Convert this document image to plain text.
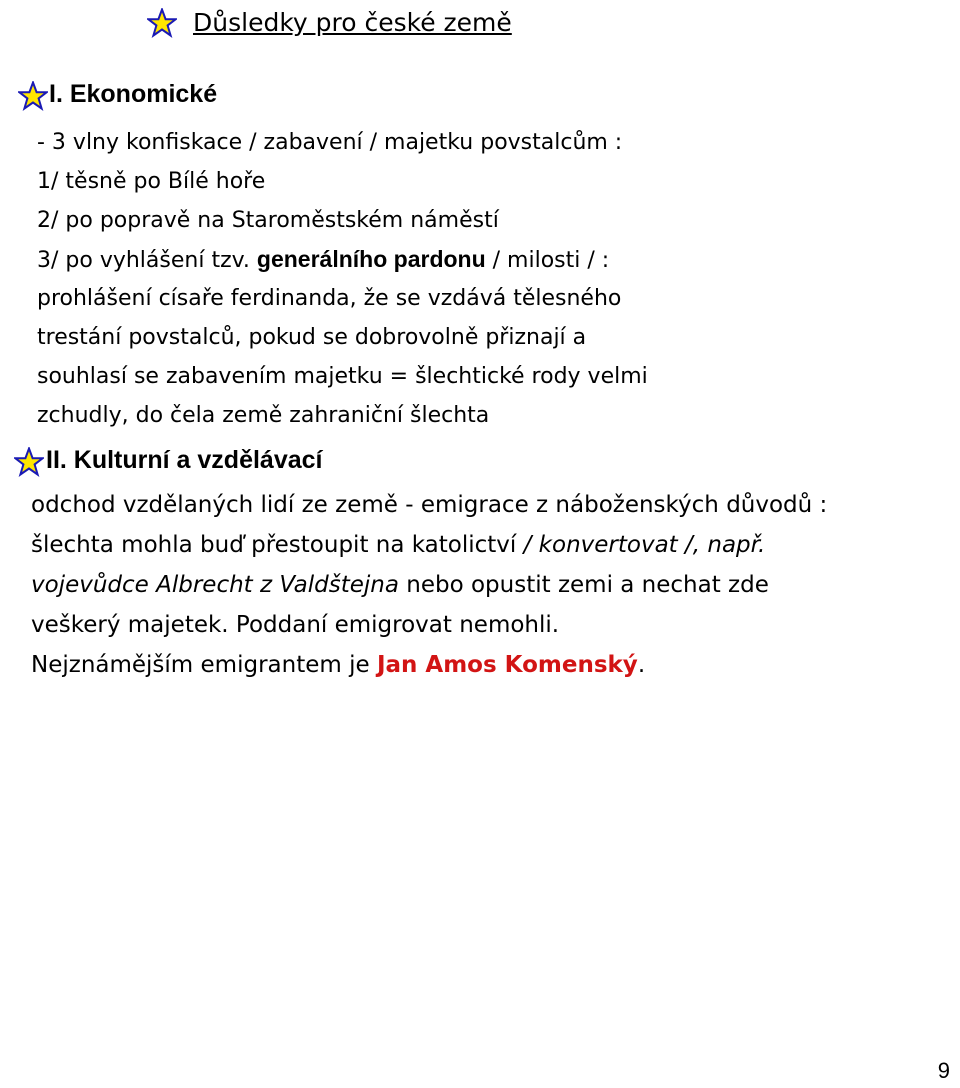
Důsledky pro české země
I. Ekonomické
- 3 vlny konfiskace / zabavení / majetku povstalcům :
1/ těsně po Bílé hoře
2/ po popravě na Staroměstském náměstí
3/ po vyhlášení tzv. generálního pardonu / milosti / :
prohlášení císaře ferdinanda, že se vzdává tělesného
trestání povstalců, pokud se dobrovolně přiznají a
souhlasí se zabavením majetku = šlechtické rody velmi
zchudly, do čela země zahraniční šlechta
II. Kulturní a vzdělávací
odchod vzdělaných lidí ze země - emigrace z náboženských důvodů :
šlechta mohla buď přestoupit na katolictví / konvertovat /, např.
vojevůdce Albrecht z Valdštejna nebo opustit zemi a nechat zde
veškerý majetek. Poddaní emigrovat nemohli.
Nejznámějším emigrantem je Jan Amos Komenský.
9
